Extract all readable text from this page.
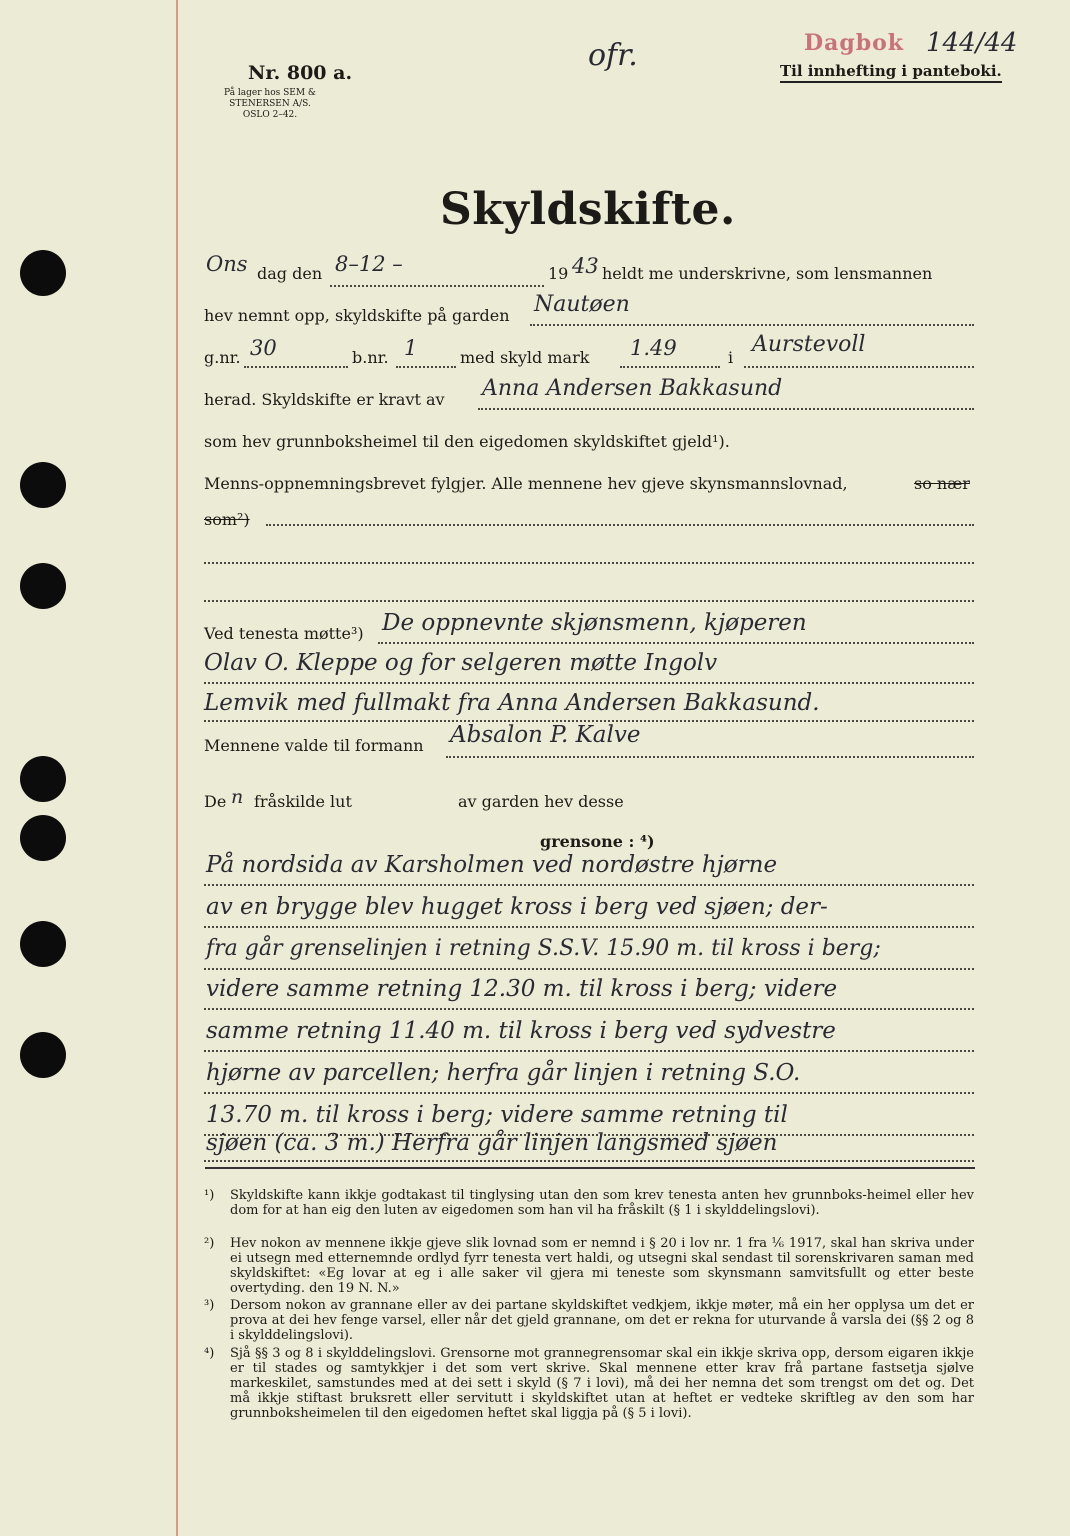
Nr. 800 a.
På lager hos SEM & STENERSEN A/S. OSLO 2–42.
ofr.	Dagbok 144/44
Til innhefting i panteboki.
Skyldskifte.
Ons dag den 8–12 –	19 43 heldt me underskrivne, som lensmannen
hev nemnt opp, skyldskifte på garden Nautøen
g.nr. 30	b.nr. 1	med skyld mark 1.49	i
Aurstevoll
herad. Skyldskifte er kravt av Anna Andersen Bakkasund
som hev grunnboksheimel til den eigedomen skyldskiftet gjeld¹).
Menns-oppnemningsbrevet fylgjer. Alle mennene hev gjeve skynsmannslovnad,	so nær
som²)
Ved tenesta møtte³) De oppnevnte skjønsmenn, kjøperen
Olav O. Kleppe og for selgeren møtte Ingolv
Lemvik med fullmakt fra Anna Andersen Bakkasund.
Mennene valde til formann Absalon P. Kalve
De n fråskilde lut	av garden hev desse
grensone : ⁴)
På nordsida av Karsholmen ved nordøstre hjørne
av en brygge blev hugget kross i berg ved sjøen; der-
fra går grenselinjen i retning S.S.V. 15.90 m. til kross i berg;
videre samme retning 12.30 m. til kross i berg; videre
samme retning 11.40 m. til kross i berg ved sydvestre
hjørne av parcellen; herfra går linjen i retning S.O.
13.70 m. til kross i berg; videre samme retning til
sjøen (ca. 3 m.) Herfra går linjen langsmed sjøen
¹) Skyldskifte kann ikkje godtakast til tinglysing utan den som krev tenesta anten hev grunnboks-heimel eller hev dom for at han eig den luten av eigedomen som han vil ha fråskilt (§ 1 i skylddelingslovi).
²) Hev nokon av mennene ikkje gjeve slik lovnad som er nemnd i § 20 i lov nr. 1 fra ⅙ 1917, skal han skriva under ei utsegn med etternemnde ordlyd fyrr tenesta vert haldi, og utsegni skal sendast til sorenskrivaren saman med skyldskiftet: «Eg lovar at eg i alle saker vil gjera mi teneste som skynsmann samvitsfullt og etter beste overtyding. den 19 N. N.»
³) Dersom nokon av grannane eller av dei partane skyldskiftet vedkjem, ikkje møter, må ein her opplysa um det er prova at dei hev fenge varsel, eller når det gjeld grannane, om det er rekna for uturvande å varsla dei (§§ 2 og 8 i skylddelingslovi).
⁴) Sjå §§ 3 og 8 i skylddelingslovi. Grensorne mot grannegrensomar skal ein ikkje skriva opp, dersom eigaren ikkje er til stades og samtykkjer i det som vert skrive. Skal mennene etter krav frå partane fastsetja sjølve markeskilet, samstundes med at dei sett i skyld (§ 7 i lovi), må dei her nemna det som trengst om det og. Det må ikkje stiftast bruksrett eller servitutt i skyldskiftet utan at heftet er vedteke skriftleg av den som har grunnboksheimelen til den eigedomen heftet skal liggja på (§ 5 i lovi).
